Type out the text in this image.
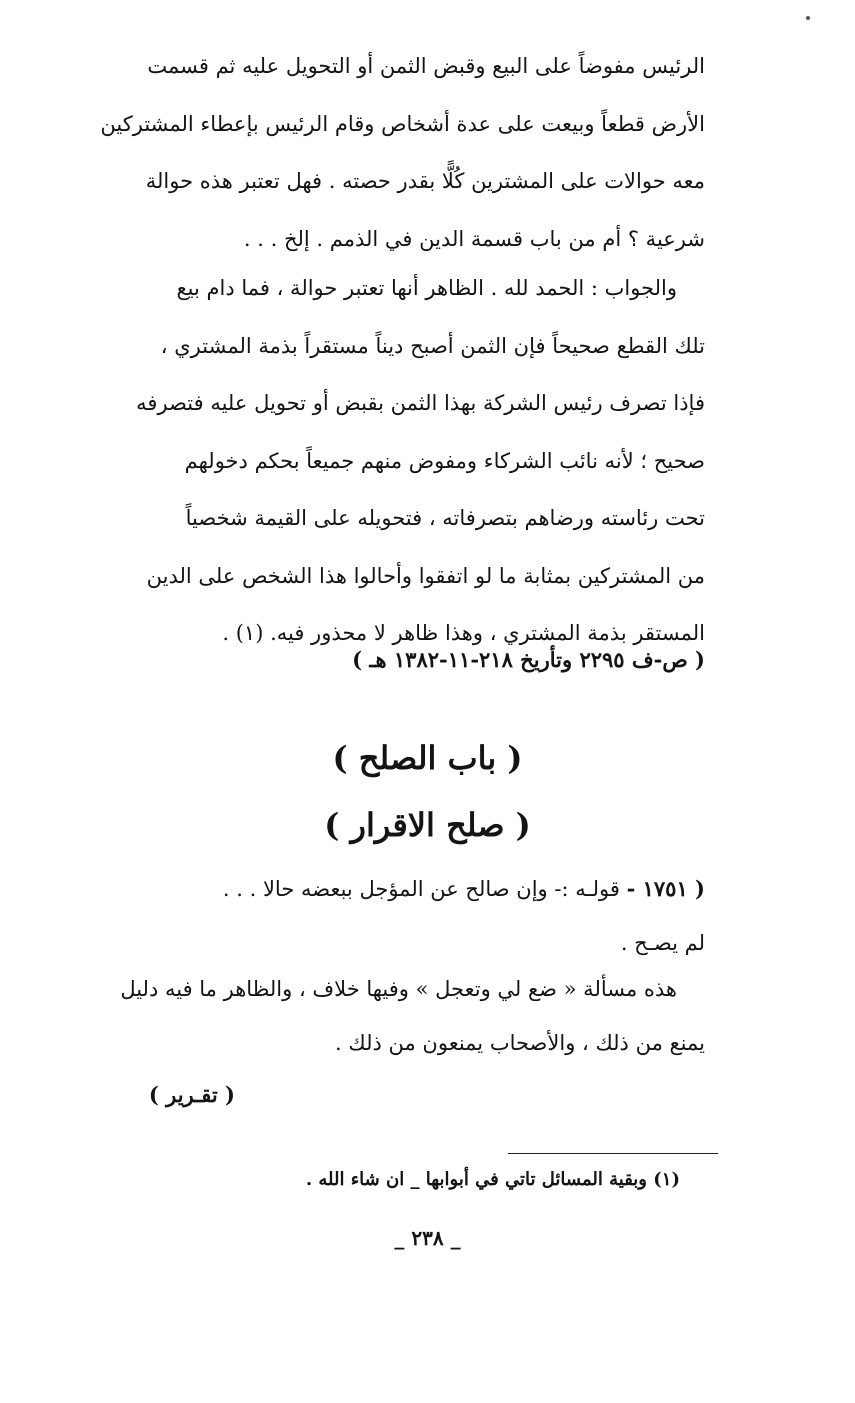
الرئيس مفوضاً على البيع وقبض الثمن أو التحويل عليه ثم قسمت
الأرض قطعاً وبيعت على عدة أشخاص وقام الرئيس بإعطاء المشتركين
معه حوالات على المشترين كُلًّا بقدر حصته . فهل تعتبر هذه حوالة
شرعية ؟ أم من باب قسمة الدين في الذمم . إلخ . . .
والجواب : الحمد لله . الظاهر أنها تعتبر حوالة ، فما دام بيع
تلك القطع صحيحاً فإن الثمن أصبح ديناً مستقراً بذمة المشتري ،
فإذا تصرف رئيس الشركة بهذا الثمن بقبض أو تحويل عليه فتصرفه
صحيح ؛ لأنه نائب الشركاء ومفوض منهم جميعاً بحكم دخولهم
تحت رئاسته ورضاهم بتصرفاته ، فتحويله على القيمة شخصياً
من المشتركين بمثابة ما لو اتفقوا وأحالوا هذا الشخص على الدين
المستقر بذمة المشتري ، وهذا ظاهر لا محذور فيه. (١) .
( ص-ف ٢٢٩٥ وتأريخ ٢١٨-١١-١٣٨٢ هـ )
( باب الصلح )
( صلح الاقرار )
( ١٧٥١ - قولـه :- وإن صالح عن المؤجل ببعضه حالا . . .
لم يصـح .
هذه مسألة « ضع لي وتعجل » وفيها خلاف ، والظاهر ما فيه دليل
يمنع من ذلك ، والأصحاب يمنعون من ذلك .
( تقـرير )
(١) وبقية المسائل تاتي في أبوابها _ ان شاء الله .
_ ٢٣٨ _
